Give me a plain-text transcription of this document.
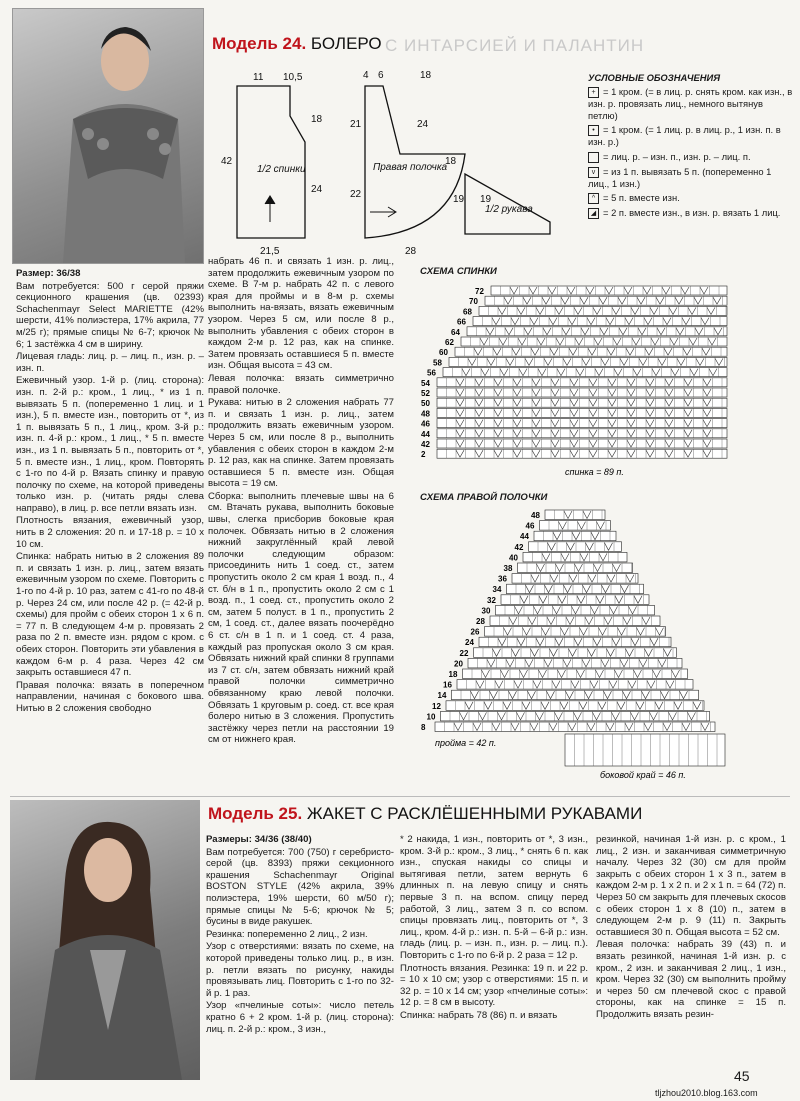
Модель 24. БОЛЕРО С ИНТАРСИЕЙ И ПАЛАНТИН
11 10,5	4 6	18
42
24
21,5	28
18	21
22
24
18
19 19
1/2 спинки	Правая полочка
1/2 рукава
УСЛОВНЫЕ ОБОЗНАЧЕНИЯ
+ = 1 кром. (= в лиц. р. снять кром. как изн., в изн. р. провязать лиц., немного вытянув петлю)
• = 1 кром. (= 1 лиц. р. в лиц. р., 1 изн. п. в изн. р.)
= лиц. р. – изн. п., изн. р. – лиц. п.
v = из 1 п. вывязать 5 п. (попеременно 1 лиц., 1 изн.)
^ = 5 п. вместе изн.
◢ = 2 п. вместе изн., в изн. р. вязать 1 лиц.

Размер: 36/38

Вам потребуется: 500 г серой пряжи секционного крашения (цв. 02393) Schachenmayr Select MARIETTE (42% шерсти, 41% полиэстера, 17% акрила, 77 м/25 г); прямые спицы № 6-7; крючок № 6; 1 застёжка 4 см в ширину.

Лицевая гладь: лиц. р. – лиц. п., изн. р. – изн. п.

Ежевичный узор. 1-й р. (лиц. сторона): изн. п. 2-й р.: кром., 1 лиц., * из 1 п. вывязать 5 п. (попеременно 1 лиц. и 1 изн.), 5 п. вместе изн., повторить от *, из 1 п. вывязать 5 п., 1 лиц., кром. 3-й р.: изн. п. 4-й р.: кром., 1 лиц., * 5 п. вместе изн., из 1 п. вывязать 5 п., повторить от *, 5 п. вместе изн., 1 лиц., кром. Повторять с 1-го по 4-й р. Вязать спинку и правую полочку по схеме, на которой приведены только изн. р. (читать ряды слева направо), в лиц. р. все петли вязать изн.

Плотность вязания, ежевичный узор, нить в 2 сложения: 20 п. и 17-18 р. = 10 х 10 см.

Спинка: набрать нитью в 2 сложения 89 п. и связать 1 изн. р. лиц., затем вязать ежевичным узором по схеме. Повторить с 1-го по 4-й р. 10 раз, затем с 41-го по 48-й р. Через 24 см, или после 42 р. (= 42-й р. схемы) для пройм с обеих сторон 1 х 6 п. = 77 п. В следующем 4-м р. провязать 2 раза по 2 п. вместе изн. рядом с кром. с обеих сторон. Повторить эти убавления в каждом 6-м р. 4 раза. Через 42 см закрыть оставшиеся 47 п.

Правая полочка: вязать в поперечном направлении, начиная с бокового шва. Нитью в 2 сложения свободно

набрать 46 п. и связать 1 изн. р. лиц., затем продолжить ежевичным узором по схеме. В 7-м р. набрать 42 п. с левого края для проймы и в 8-м р. схемы выполнить на-вязать, вязать ежевичным узором. Через 5 см, или после 8 р., выполнить убавления с обеих сторон в каждом 2-м р. 12 раз, как на спинке. Затем провязать оставшиеся 5 п. вместе изн. Общая высота = 43 см.

Левая полочка: вязать симметрично правой полочке.

Рукава: нитью в 2 сложения набрать 77 п. и связать 1 изн. р. лиц., затем продолжить вязать ежевичным узором. Через 5 см, или после 8 р., выполнить убавления с обеих сторон в каждом 2-м р. 12 раз, как на спинке. Затем провязать оставшиеся 5 п. вместе изн. Общая высота = 19 см.

Сборка: выполнить плечевые швы на 6 см. Втачать рукава, выполнить боковые швы, слегка присборив боковые края полочек. Обвязать нитью в 2 сложения нижний закруглённый край левой полочки следующим образом: присоединить нить 1 соед. ст., затем пропустить около 2 см края 1 возд. п., 4 ст. б/н в 1 п., пропустить около 2 см с 1 возд. п., 1 соед. ст., пропустить около 2 см, затем 5 полуст. в 1 п., пропустить 2 см, 1 соед. ст., далее вязать поочерёдно 6 ст. с/н в 1 п. и 1 соед. ст. 4 раза, каждый раз пропуская около 3 см края. Обвязать нижний край спинки 8 группами из 7 ст. с/н, затем обвязать нижний край правой полочки симметрично обвязанному краю левой полочки. Обвязать 1 круговым р. соед. ст. все края болеро нитью в 3 сложения. Пропустить застёжку через петли на расстоянии 19 см от нижнего края.

СХЕМА СПИНКИ
72
70
68
66
64
62
60
58
56
54
52
50
48
46
44
42
2
спинка = 89 п.
СХЕМА ПРАВОЙ ПОЛОЧКИ
48
46
44
42
40
38
36
34
32
30
28
26
24
22
20
18
16
14
12
10
8
пройма = 42 п.
боковой край = 46 п.
Модель 25. ЖАКЕТ С РАСКЛЁШЕННЫМИ РУКАВАМИ

Размеры: 34/36 (38/40)

Вам потребуется: 700 (750) г серебристо-серой (цв. 8393) пряжи секционного крашения Schachenmayr Original BOSTON STYLE (42% акрила, 39% полиэстера, 19% шерсти, 60 м/50 г); прямые спицы № 5-6; крючок № 5; бусины в виде ракушек.

Резинка: попеременно 2 лиц., 2 изн.

Узор с отверстиями: вязать по схеме, на которой приведены только лиц. р., в изн. р. петли вязать по рисунку, накиды провязывать лиц. Повторить с 1-го по 32-й р. 1 раз.

Узор «пчелиные соты»: число петель кратно 6 + 2 кром. 1-й р. (лиц. сторона): лиц. п. 2-й р.: кром., 3 изн.,

* 2 накида, 1 изн., повторить от *, 3 изн., кром. 3-й р.: кром., 3 лиц., * снять 6 п. как изн., спуская накиды со спицы и вытягивая петли, затем вернуть 6 длинных п. на левую спицу и снять первые 3 п. на вспом. спицу перед работой, 3 лиц., затем 3 п. со вспом. спицы провязать лиц., повторить от *, 3 лиц., кром. 4-й р.: изн. п. 5-й – 6-й р.: изн. гладь (лиц. р. – изн. п., изн. р. – лиц. п.). Повторить с 1-го по 6-й р. 2 раза = 12 р.

Плотность вязания. Резинка: 19 п. и 22 р. = 10 х 10 см; узор с отверстиями: 15 п. и 32 р. = 10 х 14 см; узор «пчелиные соты»: 12 р. = 8 см в высоту.

Спинка: набрать 78 (86) п. и вязать

резинкой, начиная 1-й изн. р. с кром., 1 лиц., 2 изн. и заканчивая симметричную началу. Через 32 (30) см для пройм закрыть с обеих сторон 1 х 3 п., затем в каждом 2-м р. 1 х 2 п. и 2 х 1 п. = 64 (72) п. Через 50 см закрыть для плечевых скосов с обеих сторон 1 х 8 (10) п., затем в следующем 2-м р. 9 (11) п. Закрыть оставшиеся 30 п. Общая высота = 52 см.

Левая полочка: набрать 39 (43) п. и вязать резинкой, начиная 1-й изн. р. с кром., 2 изн. и заканчивая 2 лиц., 1 изн., кром. Через 32 (30) см выполнить пройму и через 50 см плечевой скос с правой стороны, как на спинке = 15 п. Продолжить вязать резин-

45
tljzhou2010.blog.163.com
